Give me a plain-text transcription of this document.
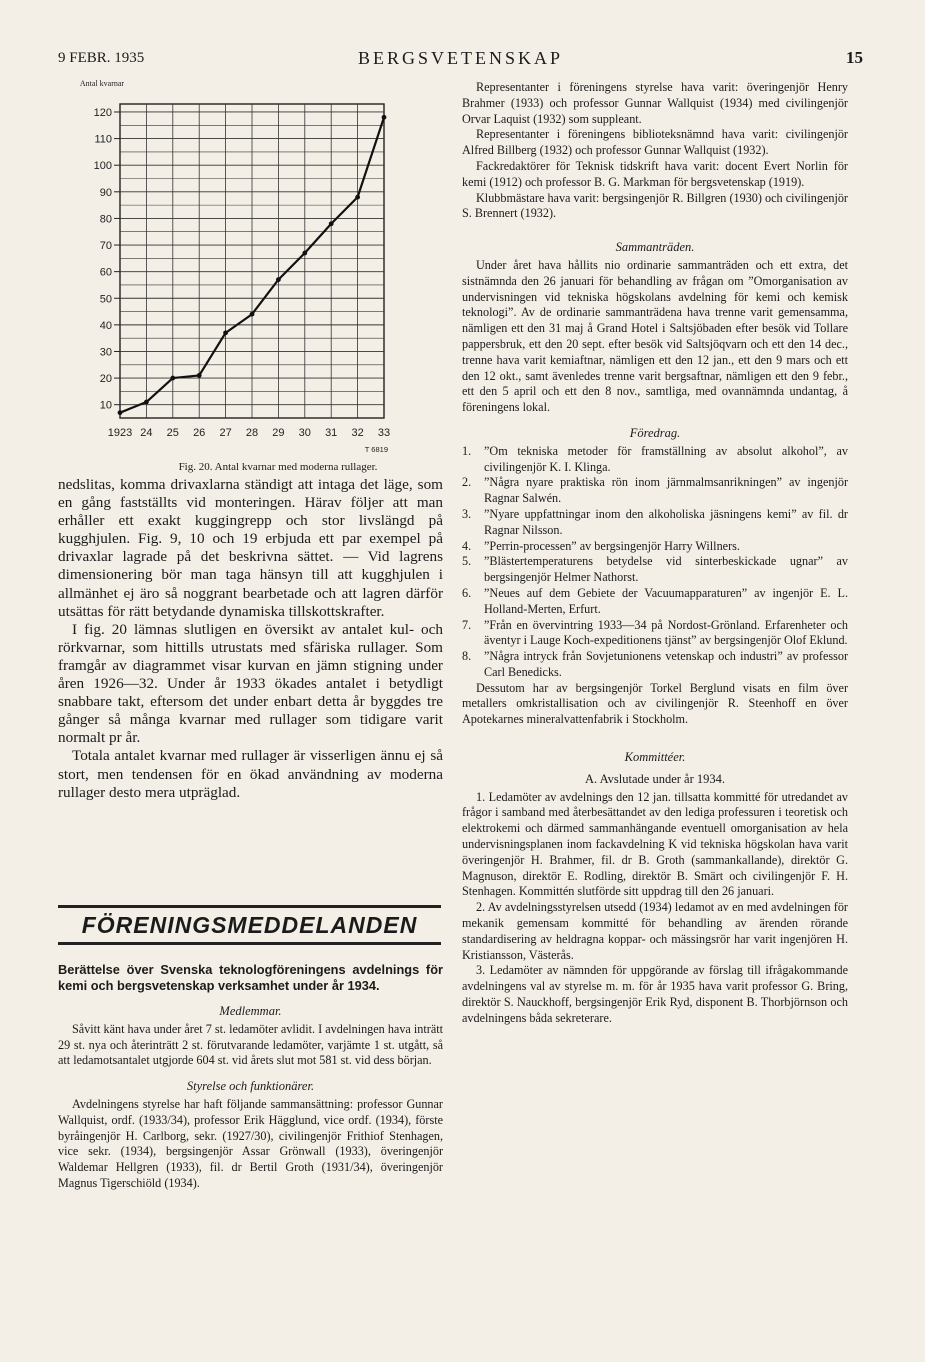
9 FEBR. 1935	BERGSVETENSKAP	15
10
20
30
40
50
60
70
80
90
100
110
120
Antal kvarnar
1923 24 25 26 27 28 29 30 31 32 33
T 6819
Fig. 20. Antal kvarnar med moderna rullager.

nedslitas, komma drivaxlarna ständigt att intaga det läge, som en gång fastställts vid monteringen. Härav följer att man erhåller ett exakt kuggingrepp och stor livslängd på kugghjulen. Fig. 9, 10 och 19 erbjuda ett par exempel på drivaxlar lagrade på det beskrivna sättet. — Vid lagrens dimensionering bör man taga hänsyn till att kugghjulen i allmänhet ej äro så noggrant bearbetade och att lagren därför utsättas för rätt betydande dynamiska tillskottskrafter.

I fig. 20 lämnas slutligen en översikt av antalet kul- och rörkvarnar, som hittills utrustats med sfäriska rullager. Som framgår av diagrammet visar kurvan en jämn stigning under åren 1926—32. Under år 1933 ökades antalet i betydligt snabbare takt, eftersom det under enbart detta år byggdes tre gånger så många kvarnar med rullager som tidigare varit normalt pr år.

Totala antalet kvarnar med rullager är visserligen ännu ej så stort, men tendensen för en ökad användning av moderna rullager desto mera utpräglad.

FÖRENINGSMEDDELANDEN
Berättelse över Svenska teknologföreningens avdelnings för kemi och bergsvetenskap verksamhet under år 1934.
Medlemmar.

Såvitt känt hava under året 7 st. ledamöter avlidit. I avdelningen hava inträtt 29 st. nya och återinträtt 2 st. förutvarande ledamöter, varjämte 1 st. utgått, så att ledamotsantalet utgjorde 604 st. vid årets slut mot 581 st. vid dess början.

Styrelse och funktionärer.

Avdelningens styrelse har haft följande sammansättning: professor Gunnar Wallquist, ordf. (1933/34), professor Erik Hägglund, vice ordf. (1934), förste byråingenjör H. Carlborg, sekr. (1927/30), civilingenjör Frithiof Stenhagen, vice sekr. (1934), bergsingenjör Assar Grönwall (1933), överingenjör Waldemar Hellgren (1933), fil. dr Bertil Groth (1931/34), överingenjör Magnus Tigerschiöld (1934).

Representanter i föreningens styrelse hava varit: överingenjör Henry Brahmer (1933) och professor Gunnar Wallquist (1934) med civilingenjör Orvar Laquist (1932) som suppleant.

Representanter i föreningens biblioteksnämnd hava varit: civilingenjör Alfred Billberg (1932) och professor Gunnar Wallquist (1932).

Fackredaktörer för Teknisk tidskrift hava varit: docent Evert Norlin för kemi (1912) och professor B. G. Markman för bergsvetenskap (1919).

Klubbmästare hava varit: bergsingenjör R. Billgren (1930) och civilingenjör S. Brennert (1932).

Sammanträden.

Under året hava hållits nio ordinarie sammanträden och ett extra, det sistnämnda den 26 januari för behandling av frågan om ”Omorganisation av undervisningen vid tekniska högskolans avdelning för kemi och kemisk teknologi”. Av de ordinarie sammanträdena hava trenne varit gemensamma, nämligen ett den 31 maj å Grand Hotel i Saltsjöbaden efter besök vid Tollare pappersbruk, ett den 20 sept. efter besök vid Saltsjöqvarn och ett den 14 dec., trenne hava varit kemiaftnar, nämligen ett den 12 jan., ett den 9 mars och ett den 12 okt., samt ävenledes trenne varit bergsaftnar, nämligen ett den 9 febr., ett den 5 april och ett den 8 nov., samtliga, med ovannämnda undantag, å föreningens lokal.

Föredrag.
1. ”Om tekniska metoder för framställning av absolut alkohol”, av civilingenjör K. I. Klinga.
2. ”Några nyare praktiska rön inom järnmalmsanrikningen” av ingenjör Ragnar Salwén.
3. ”Nyare uppfattningar inom den alkoholiska jäsningens kemi” av fil. dr Ragnar Nilsson.
4. ”Perrin-processen” av bergsingenjör Harry Willners.
5. ”Blästertemperaturens betydelse vid sinterbeskickade ugnar” av bergsingenjör Helmer Nathorst.
6. ”Neues auf dem Gebiete der Vacuumapparaturen” av ingenjör E. L. Holland-Merten, Erfurt.
7. ”Från en övervintring 1933—34 på Nordost-Grönland. Erfarenheter och äventyr i Lauge Koch-expeditionens tjänst” av bergsingenjör Olof Eklund.
8. ”Några intryck från Sovjetunionens vetenskap och industri” av professor Carl Benedicks.

Dessutom har av bergsingenjör Torkel Berglund visats en film över metallers omkristallisation och av civilingenjör R. Steenhoff en över Apotekarnes mineralvattenfabrik i Stockholm.

Kommittéer.
A. Avslutade under år 1934.

1. Ledamöter av avdelnings den 12 jan. tillsatta kommitté för utredandet av frågor i samband med återbesättandet av den lediga professuren i teoretisk och elektrokemi och därmed sammanhängande eventuell omorganisation av hela undervisningsplanen inom fackavdelning K vid tekniska högskolan hava varit överingenjör H. Brahmer, fil. dr B. Groth (sammankallande), direktör G. Magnuson, direktör E. Rodling, direktör B. Smärt och civilingenjör F. H. Stenhagen. Kommittén slutförde sitt uppdrag till den 26 januari.

2. Av avdelningsstyrelsen utsedd (1934) ledamot av en med avdelningen för mekanik gemensam kommitté för behandling av ärenden rörande standardisering av heldragna koppar- och mässingsrör har varit ingenjören H. Kristiansson, Västerås.

3. Ledamöter av nämnden för uppgörande av förslag till ifrågakommande avdelningens val av styrelse m. m. för år 1935 hava varit professor G. Bring, direktör S. Nauckhoff, bergsingenjör Erik Ryd, disponent B. Thorbjörnson och avdelningens båda sekreterare.
